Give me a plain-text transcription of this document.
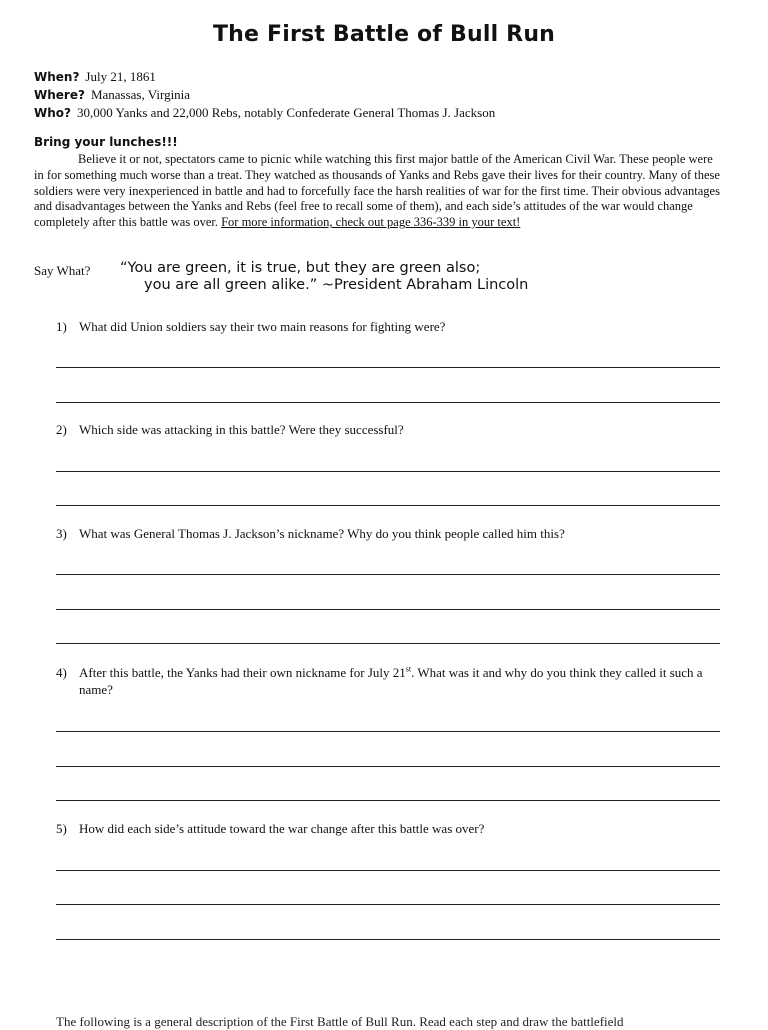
The First Battle of Bull Run
When? July 21, 1861
Where? Manassas, Virginia
Who? 30,000 Yanks and 22,000 Rebs, notably Confederate General Thomas J. Jackson
Bring your lunches!!!
Believe it or not, spectators came to picnic while watching this first major battle of the American Civil War. These people were in for something much worse than a treat. They watched as thousands of Yanks and Rebs gave their lives for their country. Many of these soldiers were very inexperienced in battle and had to forcefully face the harsh realities of war for the first time. Their obvious advantages and disadvantages between the Yanks and Rebs (feel free to recall some of them), and each side’s attitudes of the war would change completely after this battle was over. For more information, check out page 336-339 in your text!
Say What? “You are green, it is true, but they are green also;
you are all green alike.” ~President Abraham Lincoln
1) What did Union soldiers say their two main reasons for fighting were?
2) Which side was attacking in this battle? Were they successful?
3) What was General Thomas J. Jackson’s nickname? Why do you think people called him this?
4) After this battle, the Yanks had their own nickname for July 21st. What was it and why do you think they called it such a name?
5) How did each side’s attitude toward the war change after this battle was over?
The following is a general description of the First Battle of Bull Run. Read each step and draw the battlefield
